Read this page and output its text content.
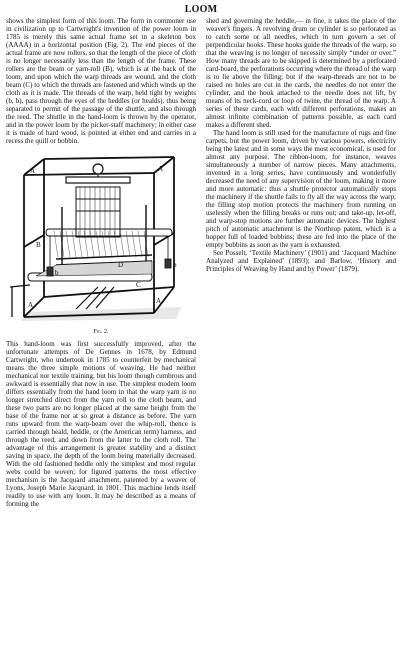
LOOM

shows the simplest form of this loom. The form in commoner use in civilization up to Cartwright's invention of the power loom in 1785 is merely this same actual frame set in a skeleton box (AAAA) in a horizontal position (Fig. 2). The end pieces of the actual frame are now rollers, so that the length of the piece of cloth is no longer necessarily less than the length of the frame. These rollers are the beam or yarn-roll (B), which is at the back of the loom, and upon which the warp threads are wound, and the cloth beam (C) to which the threads are fastened and which winds up the cloth as it is made. The threads of the warp, held tight by weights (b, b), pass through the eyes of the heddles (or healds), thus being separated to permit of the passage of the shuttle, and also through the reed. The shuttle in the hand-loom is thrown by the operator, and in the power loom by the picker-staff machinery; in either case it is made of hard wood, is pointed at either end and carries in a recess the quill or bobbin.

A	A
A	A
B
C
D
b
b
Fig. 2.

This hand-loom was first successfully improved, after the unfortunate attempts of De Gennes in 1678, by Edmund Cartwright, who undertook in 1785 to counterfeit by mechanical means the three simple motions of weaving. He had neither mechanical nor textile training, but his loom though cumbrous and awkward is essentially that now in use. The simplest modern loom differs essentially from the hand loom in that the warp yarn is no longer stretched direct from the yarn roll to the cloth beam, and these two parts are no longer placed at the same height from the base of the frame nor at so great a distance as before. The yarn runs upward from the warp-beam over the whip-roll, thence is carried through heald, heddle, or (the American term) harness, and through the reed, and down from the latter to the cloth roll. The advantage of this arrangement is greater stability and a distinct saving in space, the depth of the loom being materially decreased. With the old fashioned heddle only the simplest and most regular webs could be woven; for figured patterns the most effective mechanism is the Jacquard attachment, patented by a weaver of Lyons, Joseph Marie Jacquard, in 1801. This machine lends itself readily to use with any loom. It may be described as a means of forming the

shed and governing the heddle,— in fine, it takes the place of the weaver's fingers. A revolving drum or cylinder is so perforated as to catch some or all needles, which in turn govern a set of perpendicular hooks. These hooks guide the threads of the warp, so that the weaving is no longer of necessity simply “under or over.” How many threads are to be skipped is determined by a perforated card-board, the perforations occurring where the thread of the warp is to lie above the filling; but if the warp-threads are not to be raised no holes are cut in the cards, the needles do not enter the cylinder, and the hook attached to the needle does not lift, by means of its neck-cord or loop of twine, the thread of the warp. A series of these cards, each with different perforations, makes an almost infinite combination of patterns possible, as each card makes a different shed.

The hand loom is still used for the manufacture of rugs and fine carpets, but the power loom, driven by various powers, electricity being the latest and in some ways the most economical, is used for almost any purpose. The ribbon-loom, for instance, weaves simultaneously a number of narrow pieces. Many attachments, invented in a long series, have continuously and wonderfully decreased the need of any supervision of the loom, making it more and more automatic: thus a shuttle protector automatically stops the machinery if the shuttle fails to fly all the way across the warp; the filling stop motion protects the machinery from running on uselessly when the filling breaks or runs out; and take-up, let-off, and warp-stop motions are further automatic devices. The highest pitch of automatic attachment is the Northrop patent, which is a hopper full of loaded bobbins; these are fed into the place of the empty bobbins as soon as the yarn is exhausted.

See Posselt, ‘Textile Machinery’ (1901) and ‘Jacquard Machine Analyzed and Explained’ (1893); and Barlow, ‘History and Principles of Weaving by Hand and by Power’ (1879).
